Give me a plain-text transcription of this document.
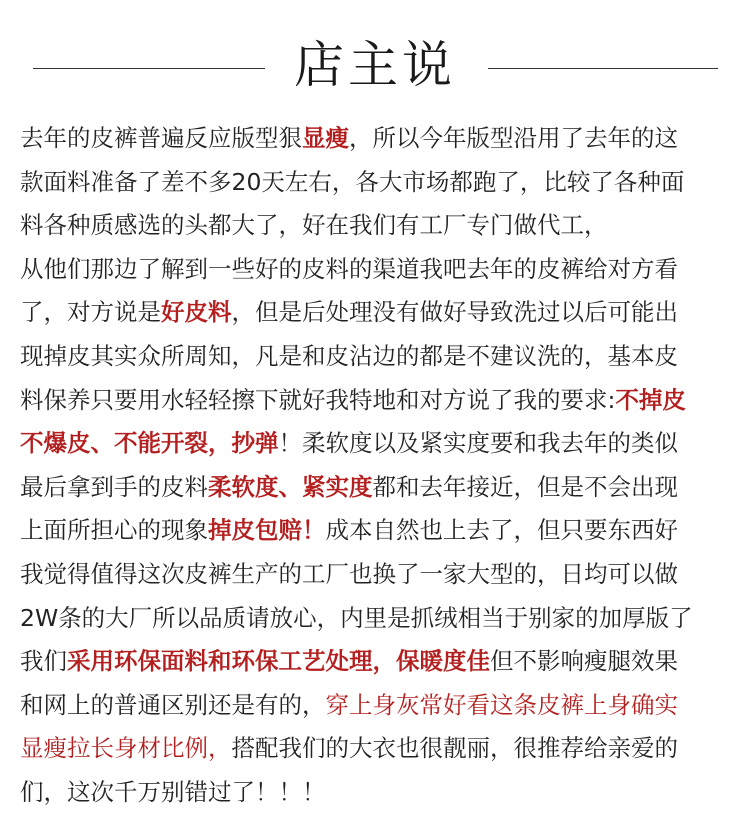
店主说
去年的皮裤普遍反应版型狠显瘦，所以今年版型沿用了去年的这
款面料准备了差不多20天左右，各大市场都跑了，比较了各种面
料各种质感选的头都大了，好在我们有工厂专门做代工，
从他们那边了解到一些好的皮料的渠道我吧去年的皮裤给对方看
了，对方说是好皮料，但是后处理没有做好导致洗过以后可能出
现掉皮其实众所周知，凡是和皮沾边的都是不建议洗的，基本皮
料保养只要用水轻轻擦下就好我特地和对方说了我的要求:不掉皮
不爆皮、不能开裂，抄弹！柔软度以及紧实度要和我去年的类似
最后拿到手的皮料柔软度、紧实度都和去年接近，但是不会出现
上面所担心的现象掉皮包赔！成本自然也上去了，但只要东西好
我觉得值得这次皮裤生产的工厂也换了一家大型的，日均可以做
2W条的大厂所以品质请放心，内里是抓绒相当于别家的加厚版了
我们采用环保面料和环保工艺处理，保暖度佳但不影响瘦腿效果
和网上的普通区别还是有的，穿上身灰常好看这条皮裤上身确实
显瘦拉长身材比例，搭配我们的大衣也很靓丽，很推荐给亲爱的
们，这次千万别错过了！！！
